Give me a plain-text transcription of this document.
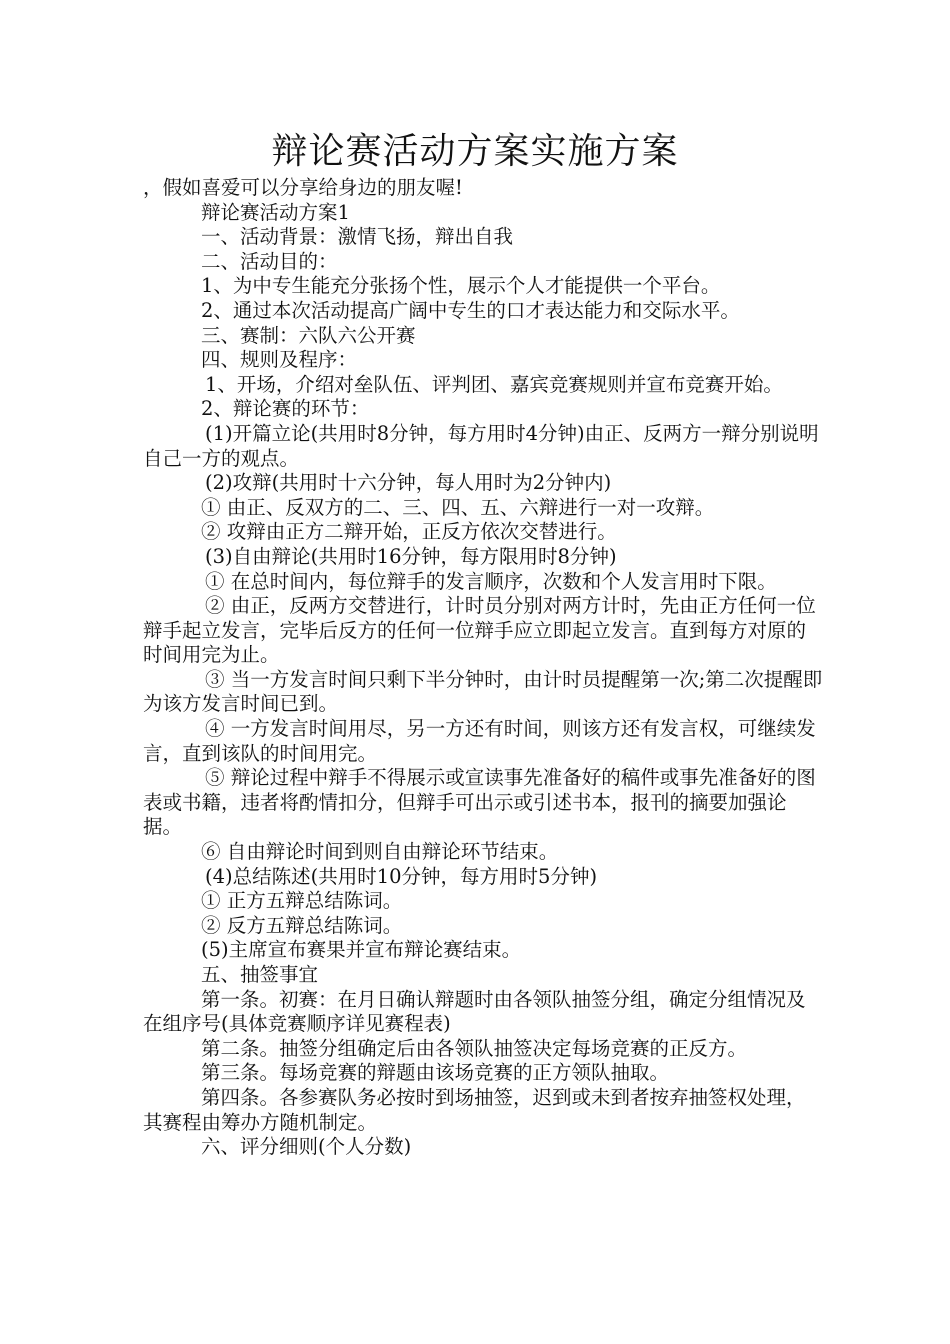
辩论赛活动方案实施方案

，假如喜爱可以分享给身边的朋友喔!

辩论赛活动方案1

一、活动背景：激情飞扬，辩出自我

二、活动目的：

1、为中专生能充分张扬个性，展示个人才能提供一个平台。

2、通过本次活动提高广阔中专生的口才表达能力和交际水平。

三、赛制：六队六公开赛

四、规则及程序：

1、开场，介绍对垒队伍、评判团、嘉宾竞赛规则并宣布竞赛开始。

2、辩论赛的环节：

(1)开篇立论(共用时8分钟，每方用时4分钟)由正、反两方一辩分别说明自己一方的观点。

(2)攻辩(共用时十六分钟，每人用时为2分钟内)

① 由正、反双方的二、三、四、五、六辩进行一对一攻辩。

② 攻辩由正方二辩开始，正反方依次交替进行。

(3)自由辩论(共用时16分钟，每方限用时8分钟)

① 在总时间内，每位辩手的发言顺序，次数和个人发言用时下限。

② 由正，反两方交替进行，计时员分别对两方计时，先由正方任何一位辩手起立发言，完毕后反方的任何一位辩手应立即起立发言。直到每方对原的时间用完为止。

③ 当一方发言时间只剩下半分钟时，由计时员提醒第一次;第二次提醒即为该方发言时间已到。

④ 一方发言时间用尽，另一方还有时间，则该方还有发言权，可继续发言，直到该队的时间用完。

⑤ 辩论过程中辩手不得展示或宣读事先准备好的稿件或事先准备好的图表或书籍，违者将酌情扣分，但辩手可出示或引述书本，报刊的摘要加强论据。

⑥ 自由辩论时间到则自由辩论环节结束。

(4)总结陈述(共用时10分钟，每方用时5分钟)

① 正方五辩总结陈词。

② 反方五辩总结陈词。

(5)主席宣布赛果并宣布辩论赛结束。

五、抽签事宜

第一条。初赛：在月日确认辩题时由各领队抽签分组，确定分组情况及在组序号(具体竞赛顺序详见赛程表)

第二条。抽签分组确定后由各领队抽签决定每场竞赛的正反方。

第三条。每场竞赛的辩题由该场竞赛的正方领队抽取。

第四条。各参赛队务必按时到场抽签，迟到或未到者按弃抽签权处理，其赛程由筹办方随机制定。

六、评分细则(个人分数)
